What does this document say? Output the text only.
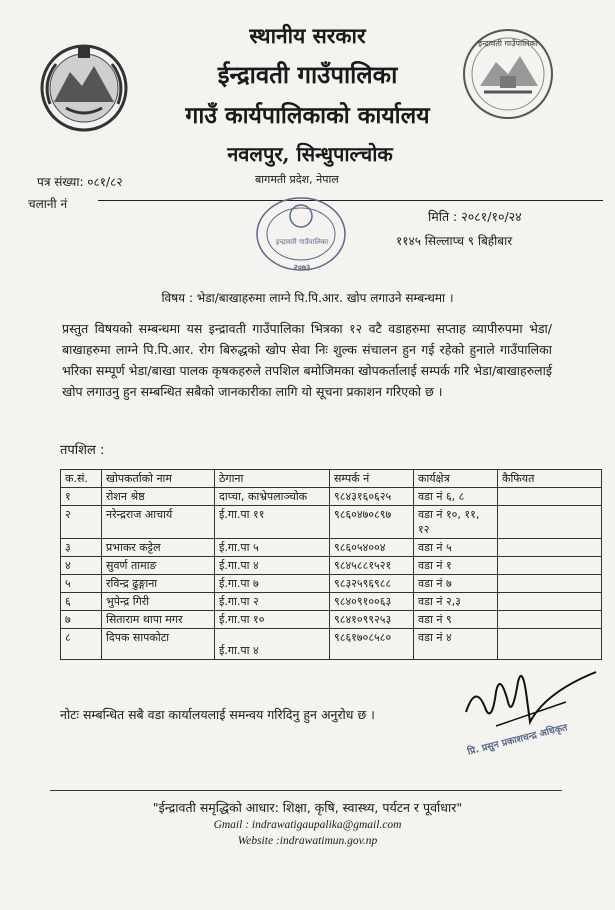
इन्द्रावती गाउँपालिका
स्थानीय सरकार
ईन्द्रावती गाउँपालिका
गाउँ कार्यपालिकाको कार्यालय
नवलपुर, सिन्धुपाल्चोक
पत्र संख्या: ०८१/८२	बागमती प्रदेश, नेपाल
चलानी नं
मिति : २०८१/१०/२४
११४५ सिल्लाप्च ९ बिहीबार
इन्द्रावती गाउँपालिका
२०७३
विषय : भेडा/बाखाहरुमा लाग्ने पि.पि.आर. खोप लगाउने सम्बन्धमा ।
प्रस्तुत विषयको सम्बन्धमा यस इन्द्रावती गाउँपालिका भित्रका १२ वटै वडाहरुमा सप्ताह व्यापीरुपमा भेडा/बाखाहरुमा लाग्ने पि.पि.आर. रोग बिरुद्धको खोप सेवा निः शुल्क संचालन हुन गई रहेको हुनाले गाउँपालिका भरिका सम्पूर्ण भेडा/बाखा पालक कृषकहरुले तपशिल बमोजिमका खोपकर्तालाई सम्पर्क गरि भेडा/बाखाहरुलाई खोप लगाउनु हुन सम्बन्धित सबैको जानकारीका लागि यो सूचना प्रकाशन गरिएको छ ।
तपशिल :
क.सं.	खोपकर्ताको नाम	ठेगाना	सम्पर्क नं	कार्यक्षेत्र	कैफियत
१	रोशन श्रेष्ठ	दाप्चा, काभ्रेपलाञ्चोक	९८४३१६०६२५	वडा नं ६, ८	
२	नरेन्द्रराज आचार्य	ई.गा.पा ११	९८६०४७०८९७	वडा नं १०, ११, १२	
३	प्रभाकर कट्टेल	ई.गा.पा ५	९८६०५४००४	वडा नं ५	
४	सुवर्ण तामाङ	ई.गा.पा ४	९८४५८८१५२१	वडा नं १	
५	रविन्द्र ढुङ्गाना	ई.गा.पा ७	९८३२५९६९८८	वडा नं ७	
६	भुपेन्द्र गिरी	ई.गा.पा २	९८४०९१००६३	वडा नं २,३	
७	सिताराम थापा मगर	ई.गा.पा १०	९८४१०९९२५३	वडा नं ९	
८	दिपक सापकोटा	ई.गा.पा ४	९८६१७०८५८०	वडा नं ४	
नोटः सम्बन्धित सबै वडा कार्यालयलाई समन्वय गरिदिनु हुन अनुरोध छ ।
प्रि. प्रसुन प्रकाशचन्द्र अधिकृत
"ईन्द्रावती समृद्धिको आधार: शिक्षा, कृषि, स्वास्थ्य, पर्यटन र पूर्वाधार"
Gmail : indrawatigaupalika@gmail.com
Website :indrawatimun.gov.np
